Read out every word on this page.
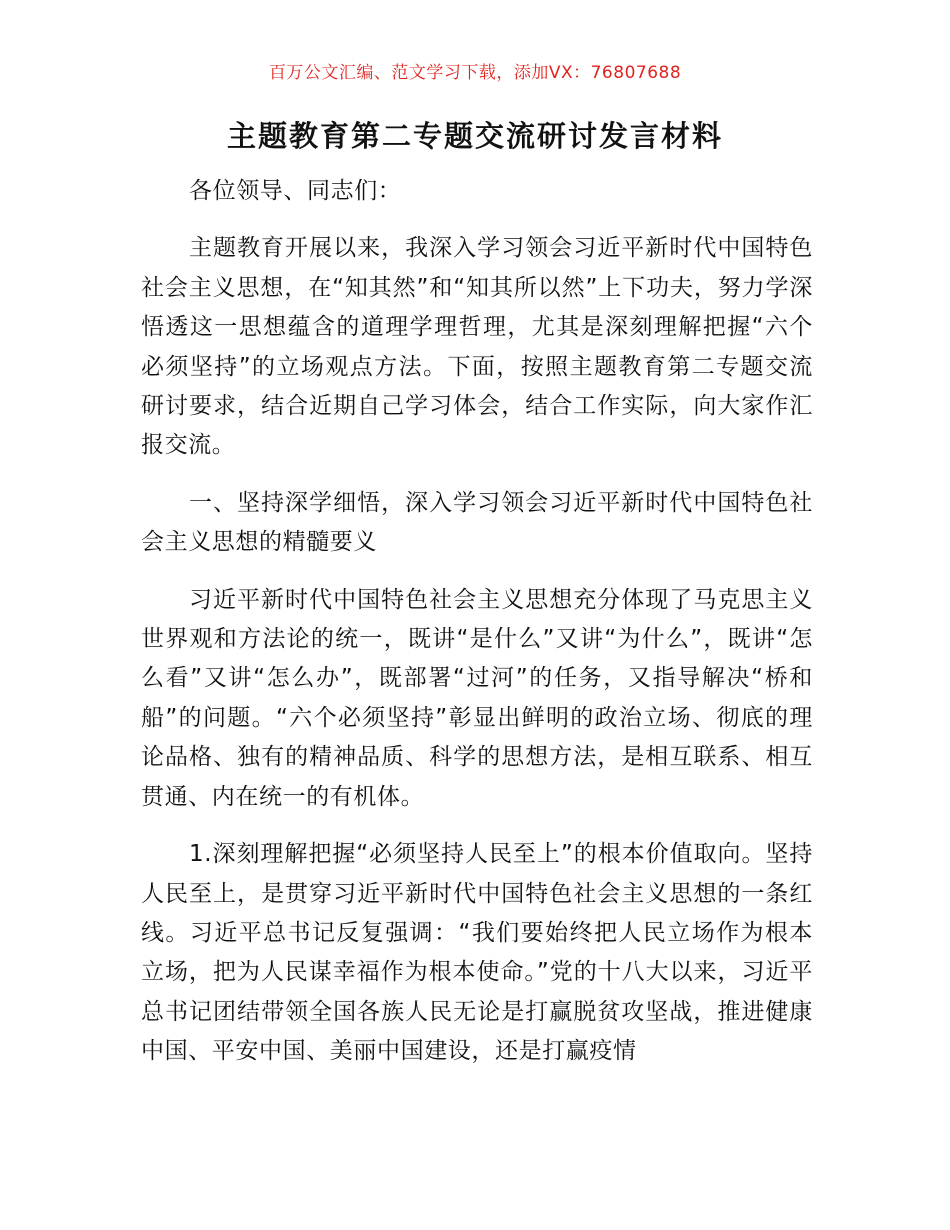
百万公文汇编、范文学习下载，添加VX：76807688
主题教育第二专题交流研讨发言材料

各位领导、同志们：

主题教育开展以来，我深入学习领会习近平新时代中国特色社会主义思想，在“知其然”和“知其所以然”上下功夫，努力学深悟透这一思想蕴含的道理学理哲理，尤其是深刻理解把握“六个必须坚持”的立场观点方法。下面，按照主题教育第二专题交流研讨要求，结合近期自己学习体会，结合工作实际，向大家作汇报交流。

一、坚持深学细悟，深入学习领会习近平新时代中国特色社会主义思想的精髓要义

习近平新时代中国特色社会主义思想充分体现了马克思主义世界观和方法论的统一，既讲“是什么”又讲“为什么”，既讲“怎么看”又讲“怎么办”，既部署“过河”的任务，又指导解决“桥和船”的问题。“六个必须坚持”彰显出鲜明的政治立场、彻底的理论品格、独有的精神品质、科学的思想方法，是相互联系、相互贯通、内在统一的有机体。

1.深刻理解把握“必须坚持人民至上”的根本价值取向。坚持人民至上，是贯穿习近平新时代中国特色社会主义思想的一条红线。习近平总书记反复强调：“我们要始终把人民立场作为根本立场，把为人民谋幸福作为根本使命。”党的十八大以来，习近平总书记团结带领全国各族人民无论是打赢脱贫攻坚战，推进健康中国、平安中国、美丽中国建设，还是打赢疫情
